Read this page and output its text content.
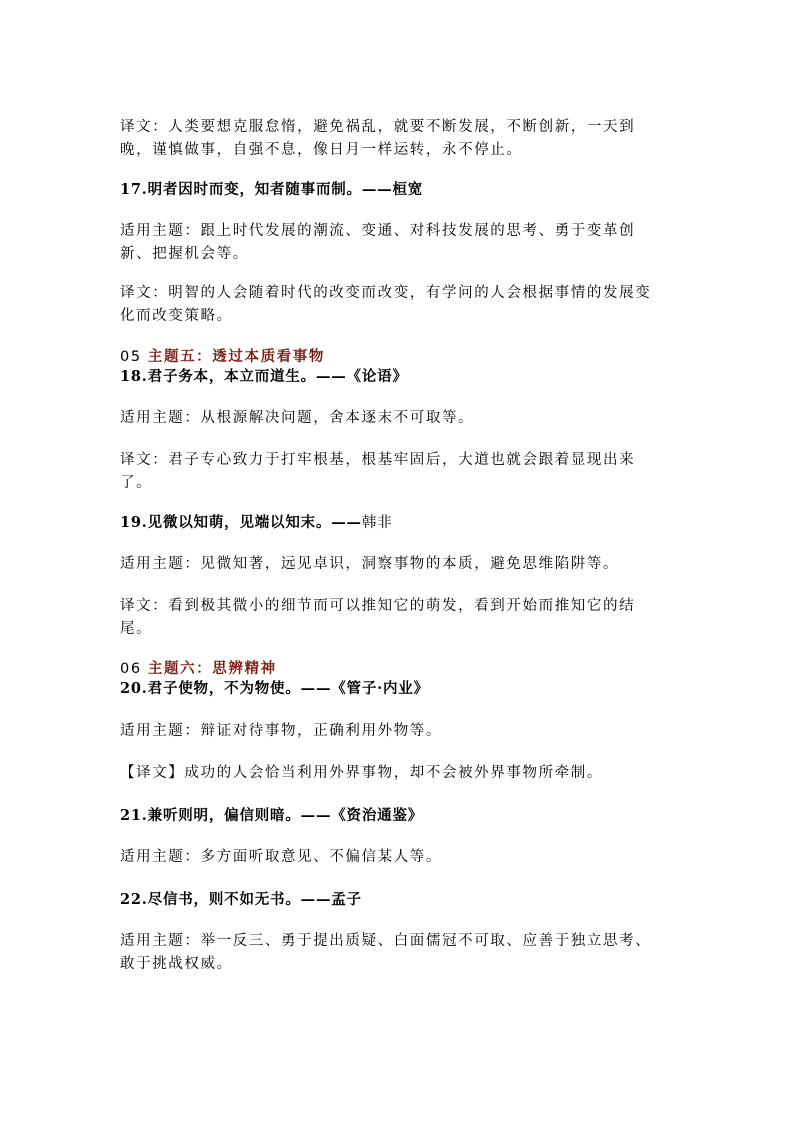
译文：人类要想克服怠惰，避免祸乱，就要不断发展，不断创新，一天到晚，谨慎做事，自强不息，像日月一样运转，永不停止。

17.明者因时而变，知者随事而制。——桓宽

适用主题：跟上时代发展的潮流、变通、对科技发展的思考、勇于变革创新、把握机会等。

译文：明智的人会随着时代的改变而改变，有学问的人会根据事情的发展变化而改变策略。

05 主题五：透过本质看事物

18.君子务本，本立而道生。——《论语》

适用主题：从根源解决问题，舍本逐末不可取等。

译文：君子专心致力于打牢根基，根基牢固后，大道也就会跟着显现出来了。

19.见微以知萌，见端以知末。——韩非

适用主题：见微知著，远见卓识，洞察事物的本质，避免思维陷阱等。

译文：看到极其微小的细节而可以推知它的萌发，看到开始而推知它的结尾。

06 主题六：思辨精神

20.君子使物，不为物使。——《管子·内业》

适用主题：辩证对待事物，正确利用外物等。

【译文】成功的人会恰当利用外界事物，却不会被外界事物所牵制。

21.兼听则明，偏信则暗。——《资治通鉴》

适用主题：多方面听取意见、不偏信某人等。

22.尽信书，则不如无书。——孟子

适用主题：举一反三、勇于提出质疑、白面儒冠不可取、应善于独立思考、敢于挑战权威。
